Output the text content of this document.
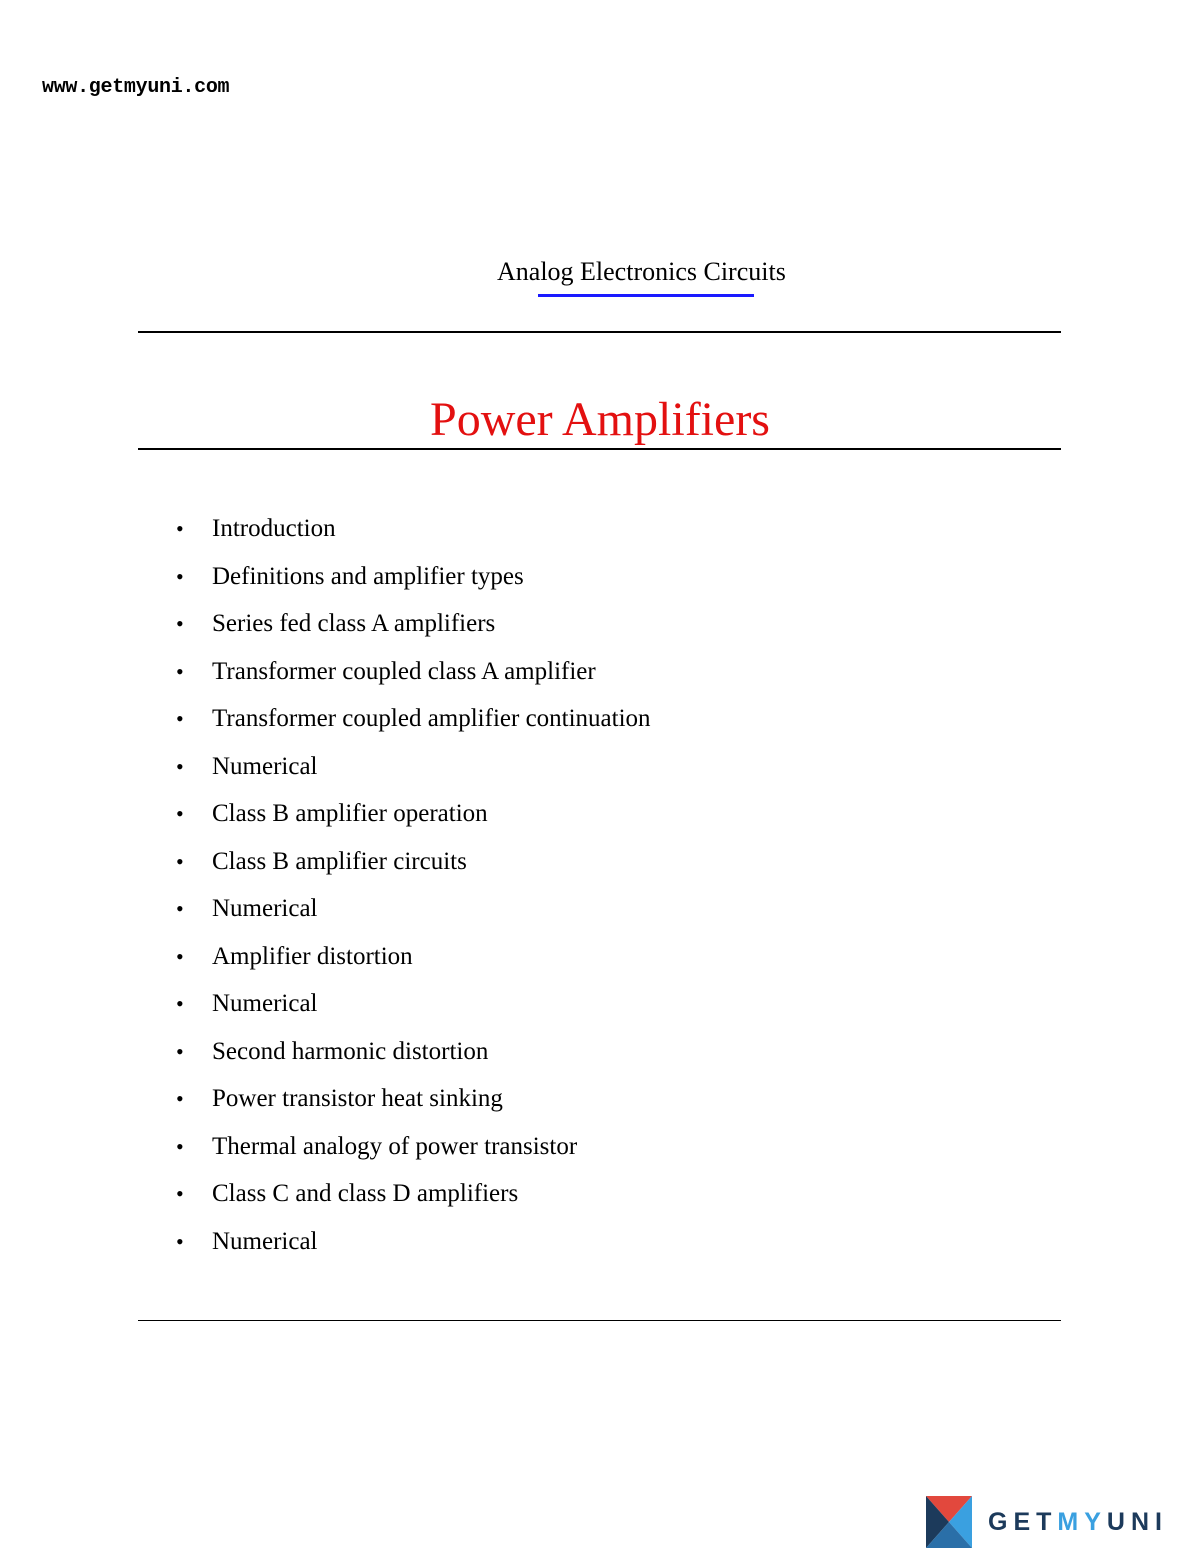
www.getmyuni.com
Analog Electronics Circuits
Power Amplifiers
•	Introduction
•	Definitions and amplifier types
•	Series fed class A amplifiers
•	Transformer coupled class A amplifier
•	Transformer coupled amplifier continuation
•	Numerical
•	Class B amplifier operation
•	Class B amplifier circuits
•	Numerical
•	Amplifier distortion
•	Numerical
•	Second harmonic distortion
•	Power transistor heat sinking
•	Thermal analogy of power transistor
•	Class C and class D amplifiers
•	Numerical
GETMYUNI
